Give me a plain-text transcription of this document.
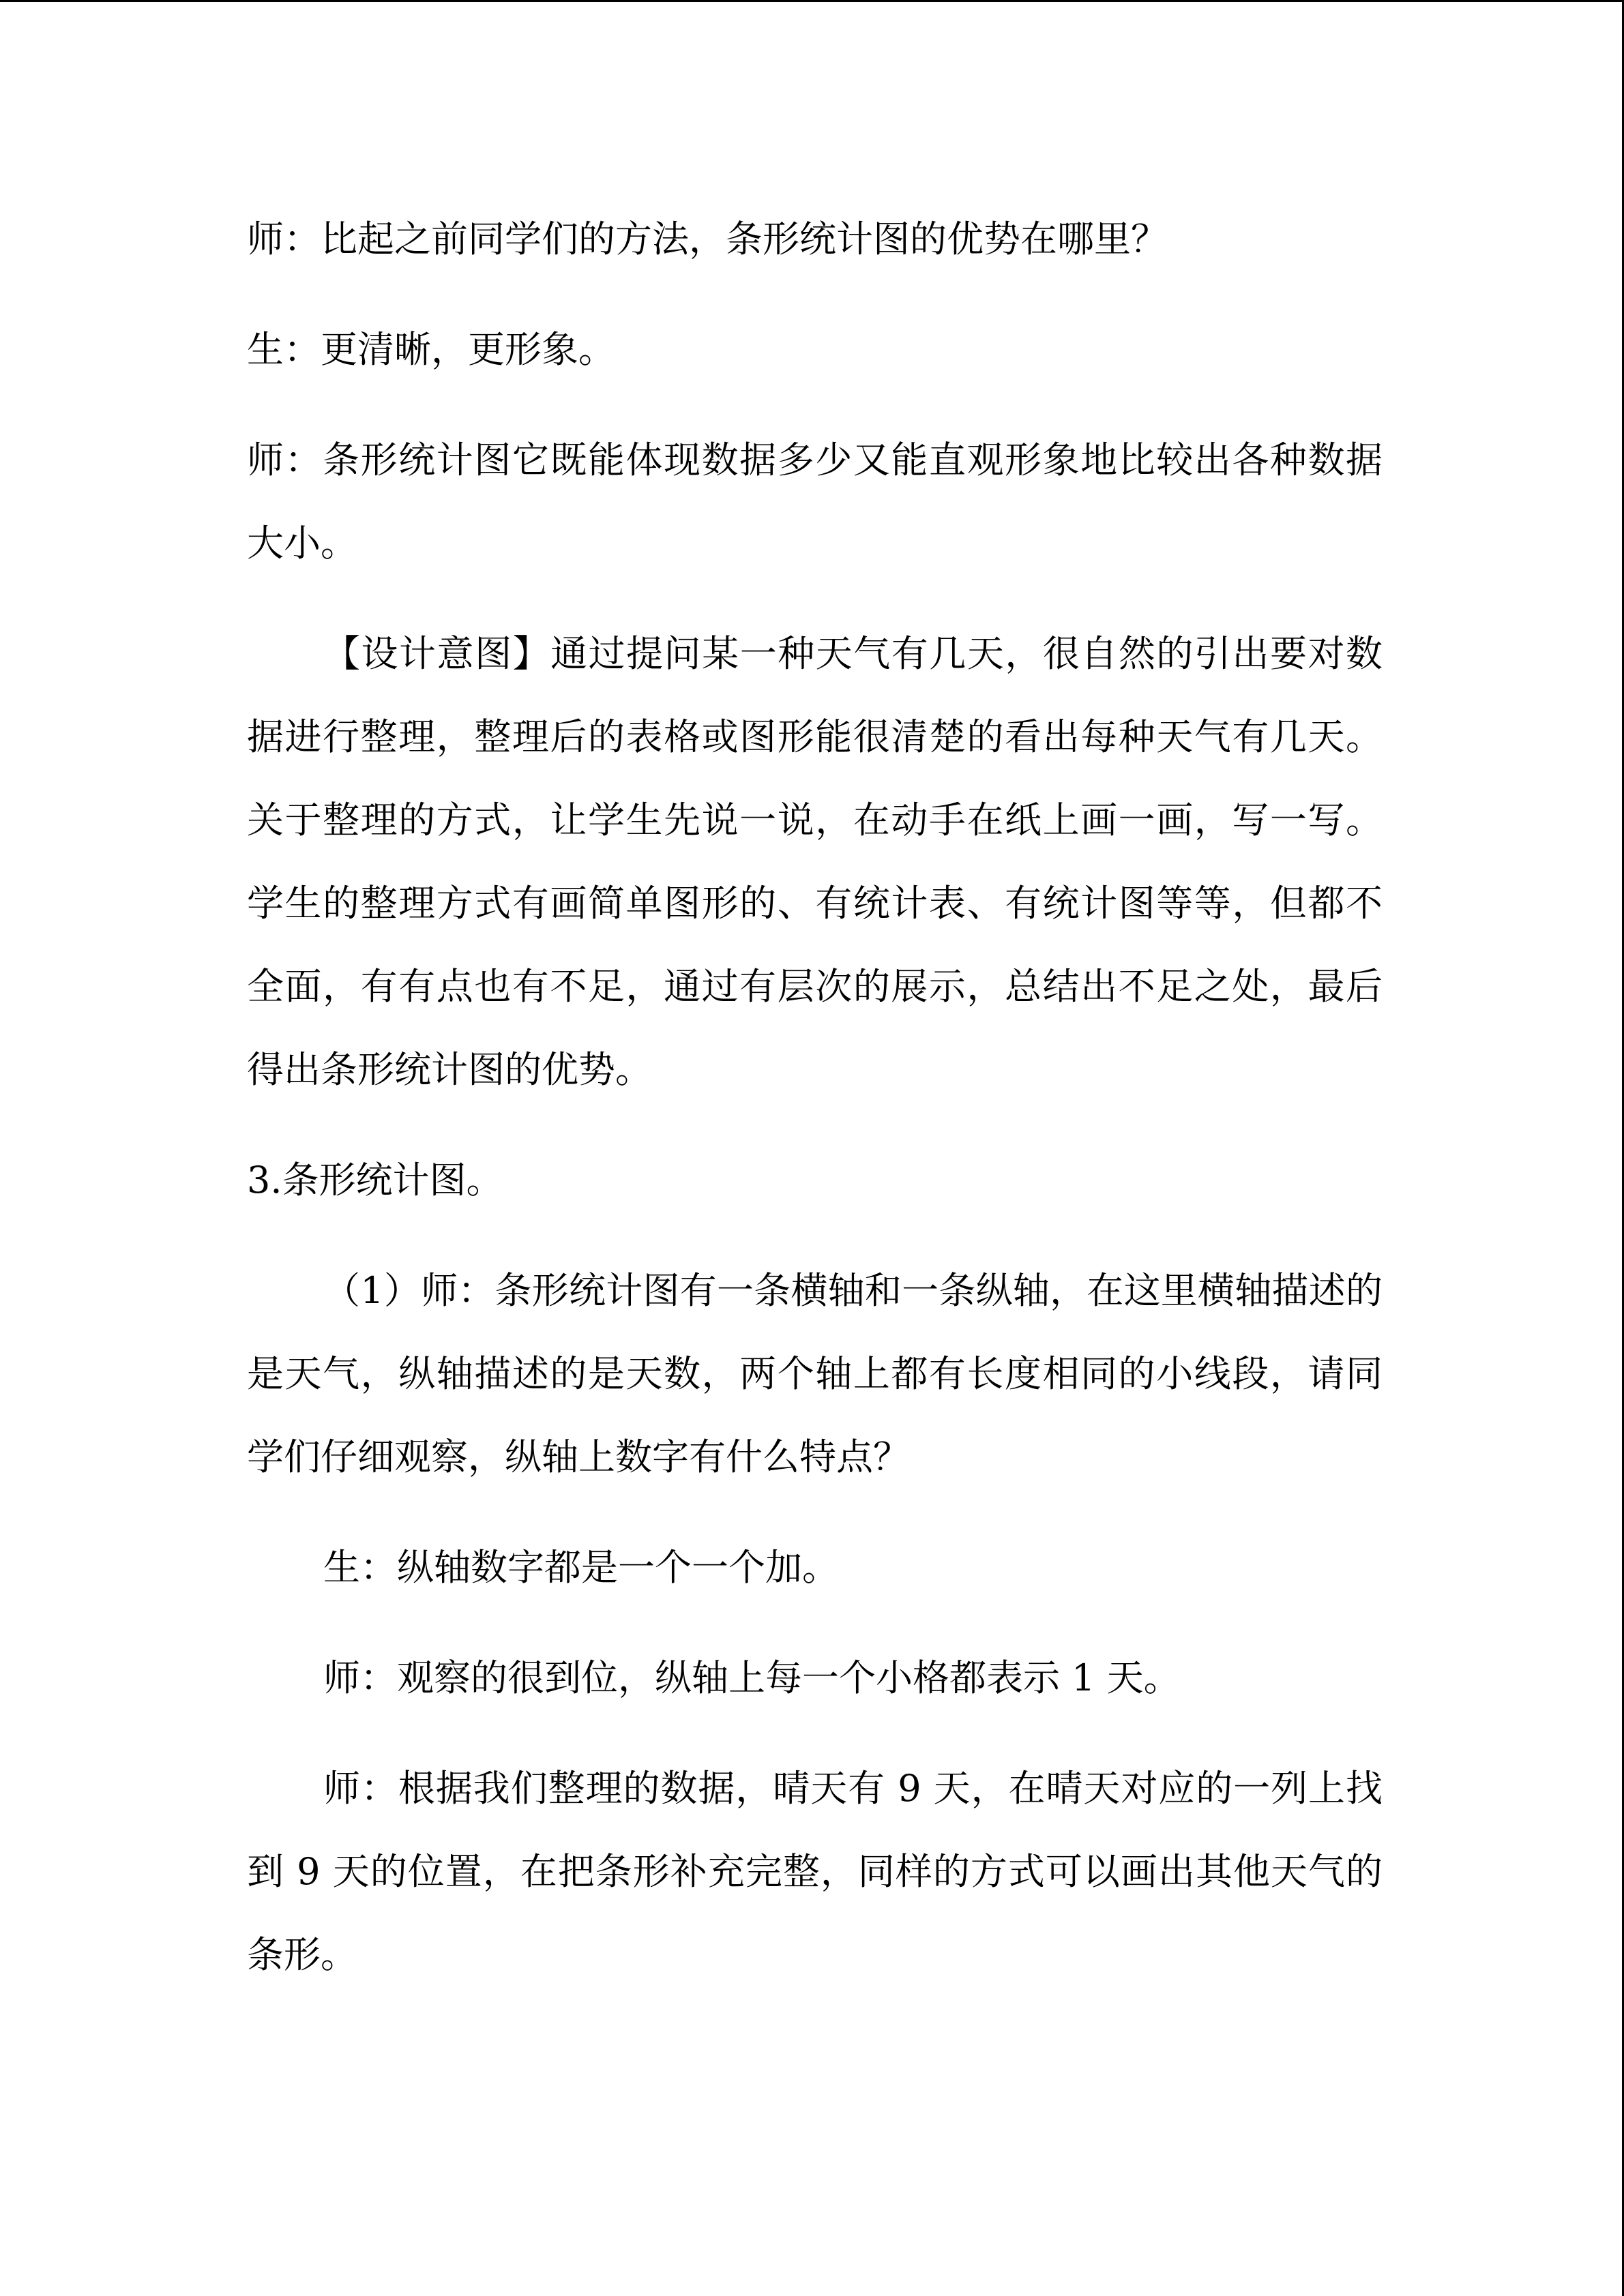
师：比起之前同学们的方法，条形统计图的优势在哪里？

生：更清晰，更形象。

师：条形统计图它既能体现数据多少又能直观形象地比较出各种数据大小。

【设计意图】通过提问某一种天气有几天，很自然的引出要对数据进行整理，整理后的表格或图形能很清楚的看出每种天气有几天。关于整理的方式，让学生先说一说，在动手在纸上画一画，写一写。学生的整理方式有画简单图形的、有统计表、有统计图等等，但都不全面，有有点也有不足，通过有层次的展示，总结出不足之处，最后得出条形统计图的优势。

3.条形统计图。

（1）师：条形统计图有一条横轴和一条纵轴，在这里横轴描述的是天气，纵轴描述的是天数，两个轴上都有长度相同的小线段，请同学们仔细观察，纵轴上数字有什么特点？

生：纵轴数字都是一个一个加。

师：观察的很到位，纵轴上每一个小格都表示 1 天。

师：根据我们整理的数据，晴天有 9 天，在晴天对应的一列上找到 9 天的位置，在把条形补充完整，同样的方式可以画出其他天气的条形。
